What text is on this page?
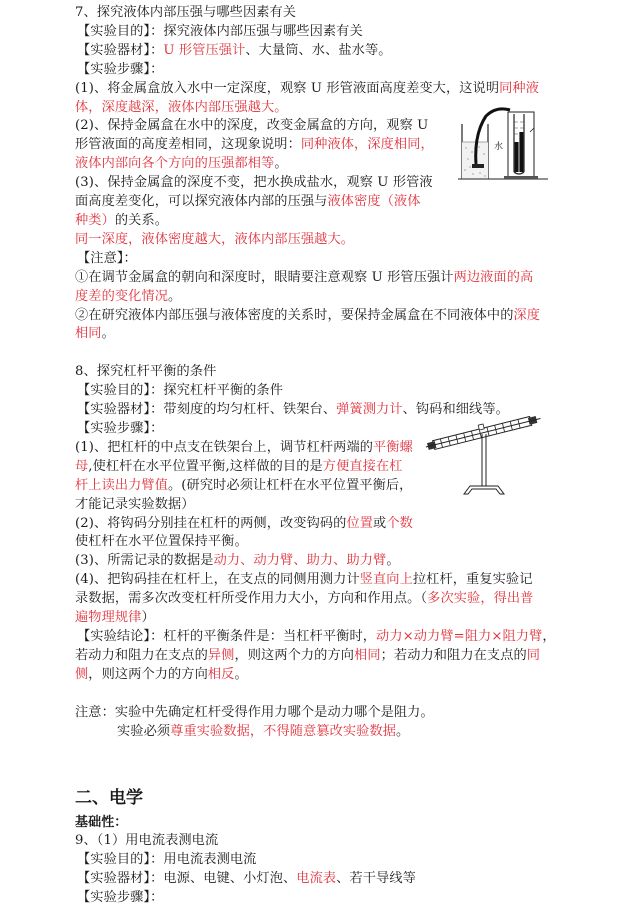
7、探究液体内部压强与哪些因素有关
【实验目的】：探究液体内部压强与哪些因素有关
【实验器材】：U 形管压强计、大量筒、水、盐水等。
【实验步骤】：
(1)、将金属盒放入水中一定深度，观察 U 形管液面高度差变大，这说明同种液
体，深度越深，液体内部压强越大。
(2)、保持金属盒在水中的深度，改变金属盒的方向，观察 U
形管液面的高度差相同，这现象说明：同种液体，深度相同，
液体内部向各个方向的压强都相等。
(3)、保持金属盒的深度不变，把水换成盐水，观察 U 形管液
面高度差变化，可以探究液体内部的压强与液体密度（液体
种类）的关系。
同一深度，液体密度越大，液体内部压强越大。
【注意】：
①在调节金属盒的朝向和深度时，眼睛要注意观察 U 形管压强计两边液面的高
度差的变化情况。
②在研究液体内部压强与液体密度的关系时，要保持金属盒在不同液体中的深度
相同。
8、探究杠杆平衡的条件
【实验目的】：探究杠杆平衡的条件
【实验器材】：带刻度的均匀杠杆、铁架台、弹簧测力计、钩码和细线等。
【实验步骤】：
(1)、把杠杆的中点支在铁架台上，调节杠杆两端的平衡螺
母,使杠杆在水平位置平衡,这样做的目的是方便直接在杠
杆上读出力臂值。(研究时必须让杠杆在水平位置平衡后，
才能记录实验数据）
(2)、将钩码分别挂在杠杆的两侧，改变钩码的位置或个数
使杠杆在水平位置保持平衡。
(3)、所需记录的数据是动力、动力臂、助力、助力臂。
(4)、把钩码挂在杠杆上，在支点的同侧用测力计竖直向上拉杠杆，重复实验记
录数据，需多次改变杠杆所受作用力大小，方向和作用点。（多次实验，得出普
遍物理规律）
【实验结论】：杠杆的平衡条件是：当杠杆平衡时，动力×动力臂=阻力×阻力臂，
若动力和阻力在支点的异侧，则这两个力的方向相同；若动力和阻力在支点的同
侧，则这两个力的方向相反。
注意：实验中先确定杠杆受得作用力哪个是动力哪个是阻力。
实验必须尊重实验数据，不得随意篡改实验数据。
二、电学
基础性：
9、（1）用电流表测电流
【实验目的】：用电流表测电流
【实验器材】：电源、电键、小灯泡、电流表、若干导线等
【实验步骤】：
水
